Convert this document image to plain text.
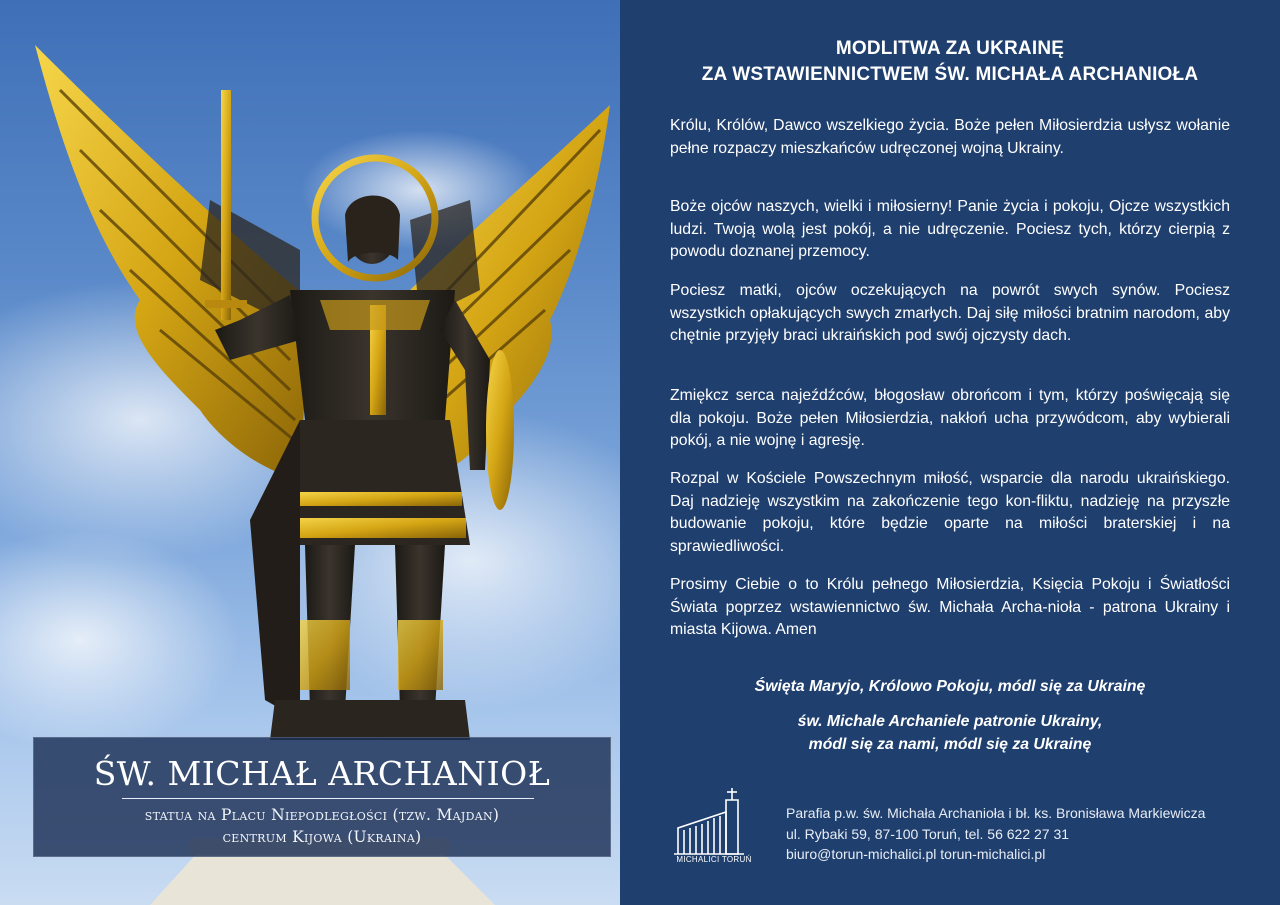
ŚW. MICHAŁ ARCHANIOŁ
statua na Placu Niepodległości (tzw. Majdan)
centrum Kijowa (Ukraina)
MODLITWA ZA UKRAINĘ
ZA WSTAWIENNICTWEM ŚW. MICHAŁA ARCHANIOŁA

Królu, Królów, Dawco wszelkiego życia. Boże pełen Miłosierdzia usłysz wołanie pełne rozpaczy mieszkańców udręczonej wojną Ukrainy.

Boże ojców naszych, wielki i miłosierny! Panie życia i pokoju, Ojcze wszystkich ludzi. Twoją wolą jest pokój, a nie udręczenie. Pociesz tych, którzy cierpią z powodu doznanej przemocy.

Pociesz matki, ojców oczekujących na powrót swych synów. Pociesz wszystkich opłakujących swych zmarłych. Daj siłę miłości bratnim narodom, aby chętnie przyjęły braci ukraińskich pod swój ojczysty dach.

Zmiękcz serca najeźdźców, błogosław obrońcom i tym, którzy poświęcają się dla pokoju. Boże pełen Miłosierdzia, nakłoń ucha przywódcom, aby wybierali pokój, a nie wojnę i agresję.

Rozpal w Kościele Powszechnym miłość, wsparcie dla narodu ukraińskiego. Daj nadzieję wszystkim na zakończenie tego kon-fliktu, nadzieję na przyszłe budowanie pokoju, które będzie oparte na miłości braterskiej i na sprawiedliwości.

Prosimy Ciebie o to Królu pełnego Miłosierdzia, Księcia Pokoju i Światłości Świata poprzez wstawiennictwo św. Michała Archa-nioła - patrona Ukrainy i miasta Kijowa. Amen

Święta Maryjo, Królowo Pokoju, módl się za Ukrainę
św. Michale Archaniele patronie Ukrainy,
módl się za nami, módl się za Ukrainę
MICHALICI TORUŃ
Parafia p.w. św. Michała Archanioła i bł. ks. Bronisława Markiewicza
ul. Rybaki 59, 87-100 Toruń, tel. 56 622 27 31
biuro@torun-michalici.pl torun-michalici.pl
